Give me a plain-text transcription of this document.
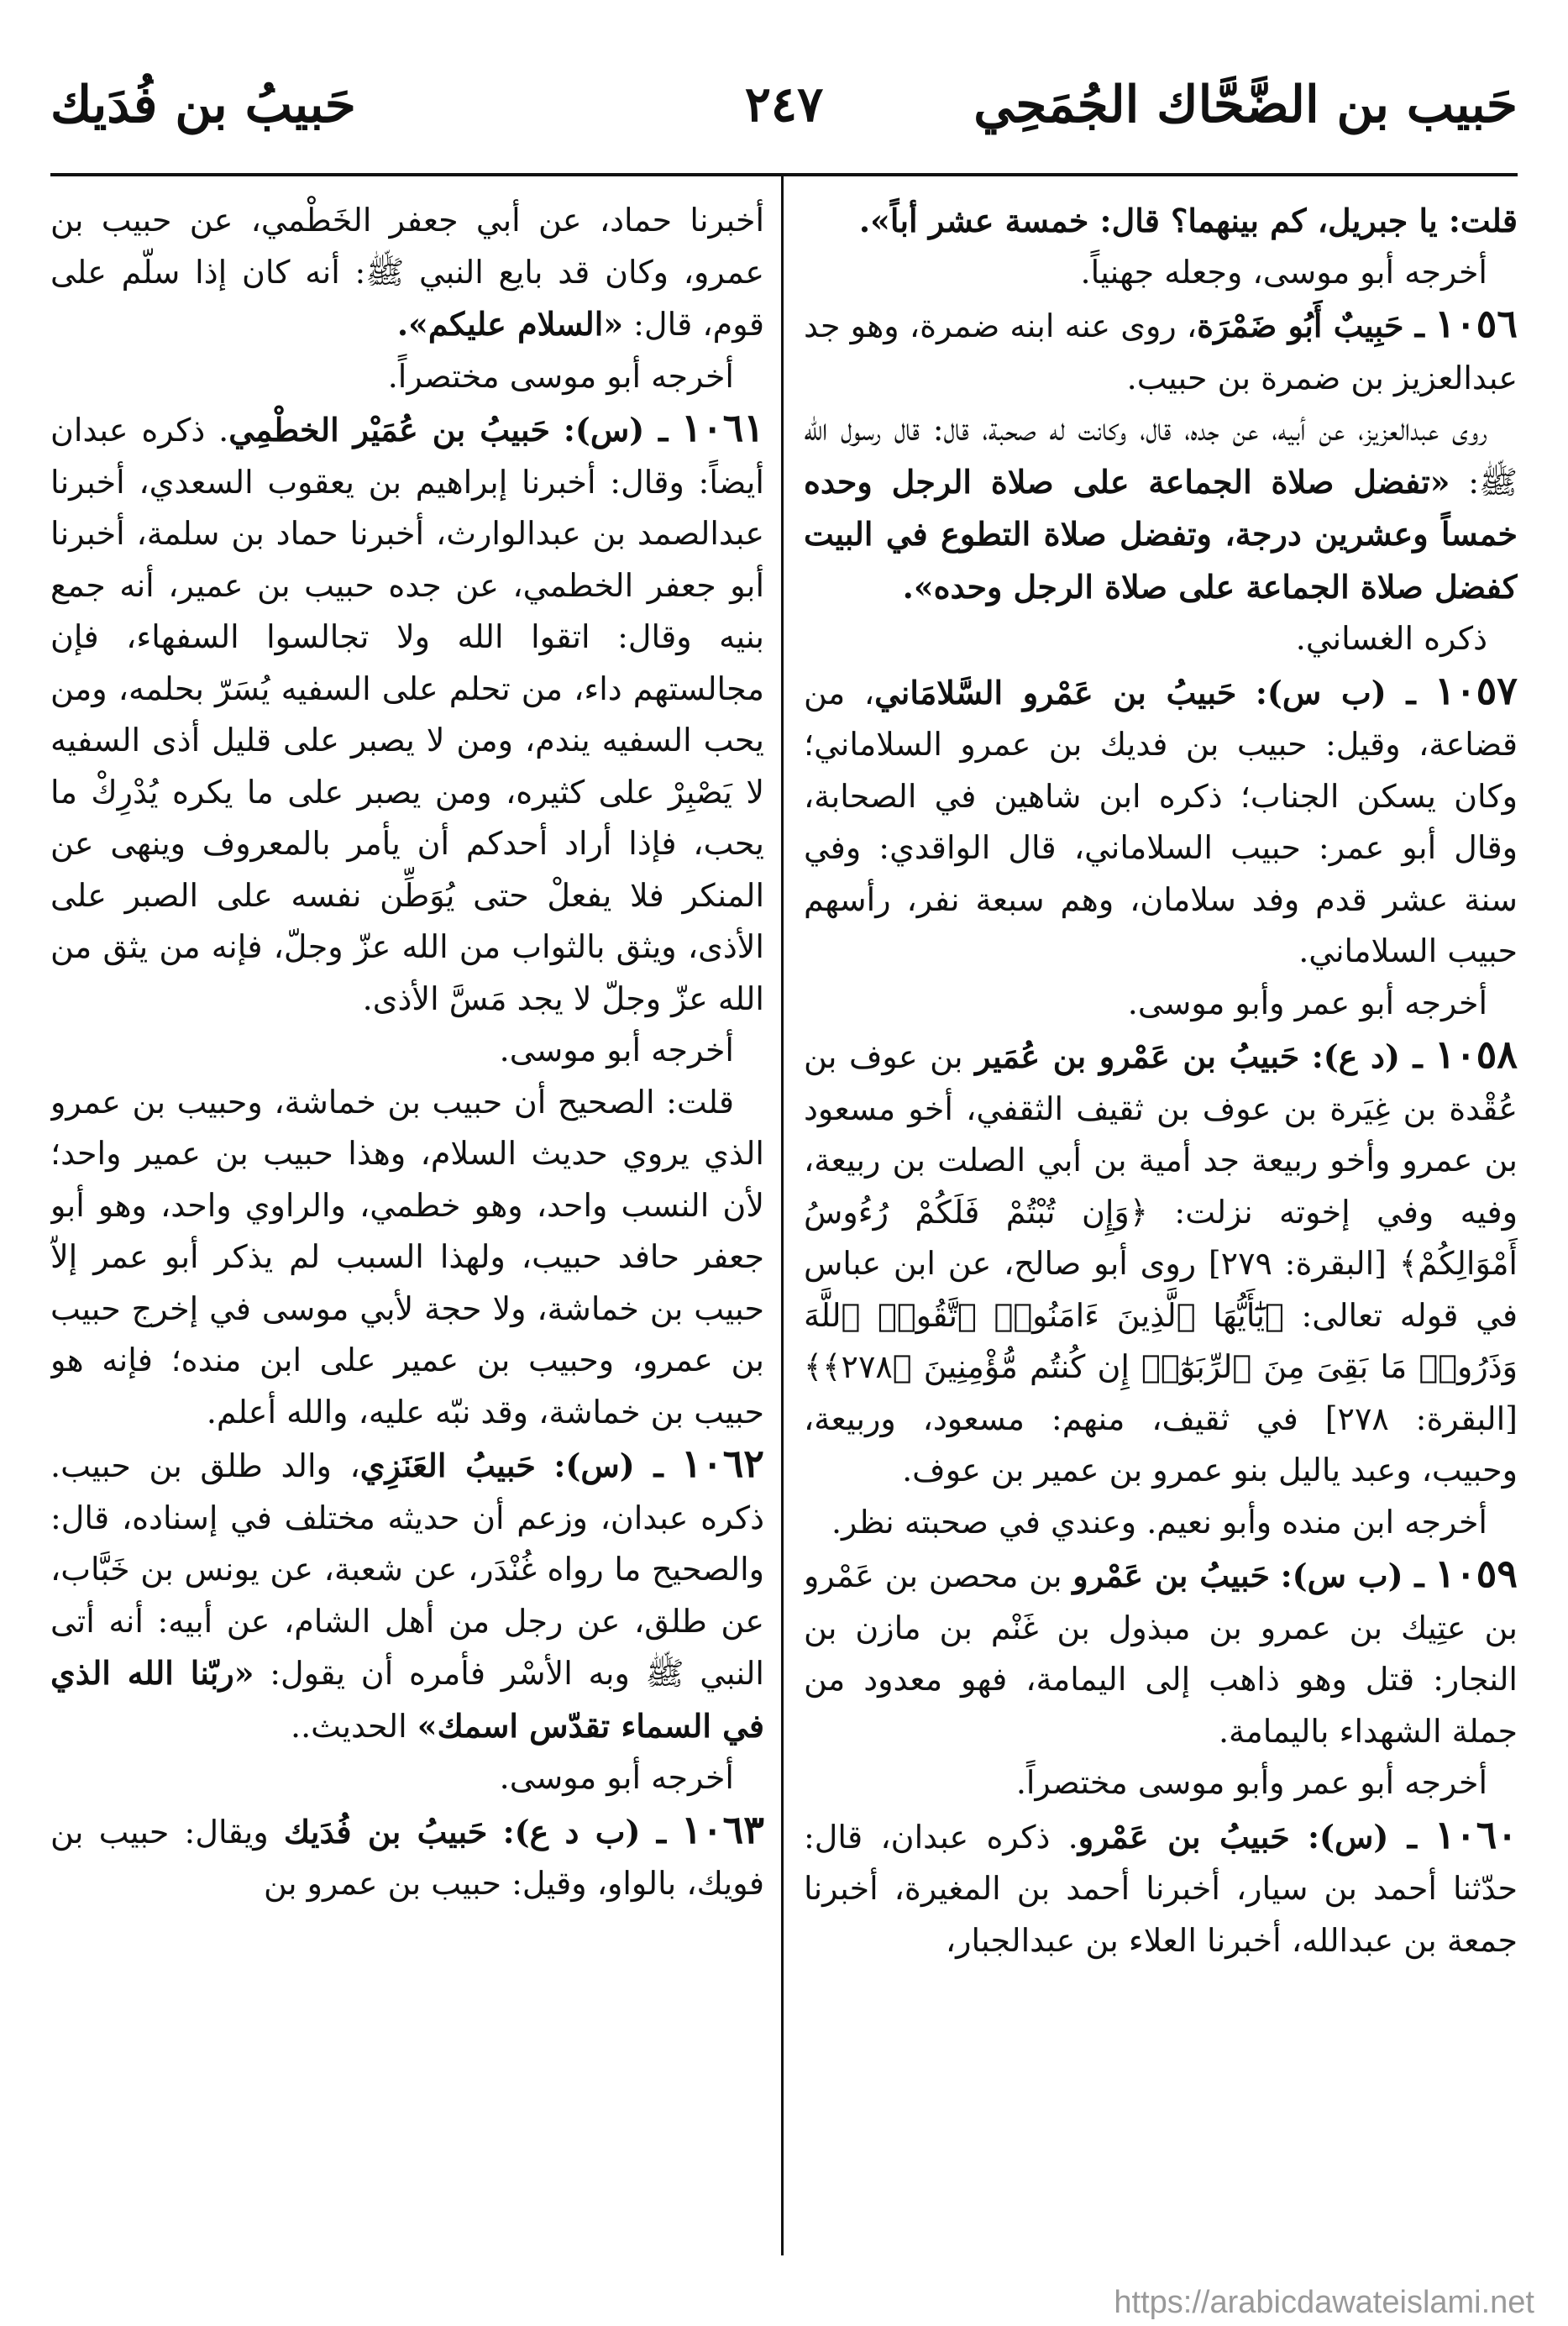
حَبيب بن الضَّحَّاك الجُمَحِي
٢٤٧
حَبيبُ بن فُدَيك

قلت: يا جبريل، كم بينهما؟ قال: خمسة عشر أباً».

أخرجه أبو موسى، وجعله جهنياً.

١٠٥٦ ـ حَبِيبٌ أَبُو ضَمْرَة، روى عنه ابنه ضمرة، وهو جد عبدالعزيز بن ضمرة بن حبيب.

روى عبدالعزيز، عن أبيه، عن جده، قال، وكانت له صحبة، قال: قال رسول الله ﷺ: «تفضل صلاة الجماعة على صلاة الرجل وحده خمساً وعشرين درجة، وتفضل صلاة التطوع في البيت كفضل صلاة الجماعة على صلاة الرجل وحده».

ذكره الغساني.

١٠٥٧ ـ (ب س): حَبيبُ بن عَمْرو السَّلامَاني، من قضاعة، وقيل: حبيب بن فديك بن عمرو السلاماني؛ وكان يسكن الجناب؛ ذكره ابن شاهين في الصحابة، وقال أبو عمر: حبيب السلاماني، قال الواقدي: وفي سنة عشر قدم وفد سلامان، وهم سبعة نفر، رأسهم حبيب السلاماني.

أخرجه أبو عمر وأبو موسى.

١٠٥٨ ـ (د ع): حَبيبُ بن عَمْرو بن عُمَير بن عوف بن عُقْدة بن غِيَرة بن عوف بن ثقيف الثقفي، أخو مسعود بن عمرو وأخو ربيعة جد أمية بن أبي الصلت بن ربيعة، وفيه وفي إخوته نزلت: ﴿وَإِن تُبْتُمْ فَلَكُمْ رُءُوسُ أَمْوَالِكُمْ﴾ [البقرة: ٢٧٩] روى أبو صالح، عن ابن عباس في قوله تعالى: ﴿يَٰٓأَيُّهَا ٱلَّذِينَ ءَامَنُوا۟ ٱتَّقُوا۟ ٱللَّهَ وَذَرُوا۟ مَا بَقِىَ مِنَ ٱلرِّبَوٰٓا۟ إِن كُنتُم مُّؤْمِنِينَ ﴿٢٧٨﴾﴾ [البقرة: ٢٧٨] في ثقيف، منهم: مسعود، وربيعة، وحبيب، وعبد ياليل بنو عمرو بن عمير بن عوف.

أخرجه ابن منده وأبو نعيم. وعندي في صحبته نظر.

١٠٥٩ ـ (ب س): حَبيبُ بن عَمْرو بن محصن بن عَمْرو بن عتِيك بن عمرو بن مبذول بن غَنْم بن مازن بن النجار: قتل وهو ذاهب إلى اليمامة، فهو معدود من جملة الشهداء باليمامة.

أخرجه أبو عمر وأبو موسى مختصراً.

١٠٦٠ ـ (س): حَبيبُ بن عَمْرو. ذكره عبدان، قال: حدّثنا أحمد بن سيار، أخبرنا أحمد بن المغيرة، أخبرنا جمعة بن عبدالله، أخبرنا العلاء بن عبدالجبار،

أخبرنا حماد، عن أبي جعفر الخَطْمي، عن حبيب بن عمرو، وكان قد بايع النبي ﷺ: أنه كان إذا سلّم على قوم، قال: «السلام عليكم».

أخرجه أبو موسى مختصراً.

١٠٦١ ـ (س): حَبيبُ بن عُمَيْر الخطْمِي. ذكره عبدان أيضاً: وقال: أخبرنا إبراهيم بن يعقوب السعدي، أخبرنا عبدالصمد بن عبدالوارث، أخبرنا حماد بن سلمة، أخبرنا أبو جعفر الخطمي، عن جده حبيب بن عمير، أنه جمع بنيه وقال: اتقوا الله ولا تجالسوا السفهاء، فإن مجالستهم داء، من تحلم على السفيه يُسَرّ بحلمه، ومن يحب السفيه يندم، ومن لا يصبر على قليل أذى السفيه لا يَصْبِرْ على كثيره، ومن يصبر على ما يكره يُدْرِكْ ما يحب، فإذا أراد أحدكم أن يأمر بالمعروف وينهى عن المنكر فلا يفعلْ حتى يُوَطِّن نفسه على الصبر على الأذى، ويثق بالثواب من الله عزّ وجلّ، فإنه من يثق من الله عزّ وجلّ لا يجد مَسَّ الأذى.

أخرجه أبو موسى.

قلت: الصحيح أن حبيب بن خماشة، وحبيب بن عمرو الذي يروي حديث السلام، وهذا حبيب بن عمير واحد؛ لأن النسب واحد، وهو خطمي، والراوي واحد، وهو أبو جعفر حافد حبيب، ولهذا السبب لم يذكر أبو عمر إلاّ حبيب بن خماشة، ولا حجة لأبي موسى في إخرج حبيب بن عمرو، وحبيب بن عمير على ابن منده؛ فإنه هو حبيب بن خماشة، وقد نبّه عليه، والله أعلم.

١٠٦٢ ـ (س): حَبيبُ العَنَزِي، والد طلق بن حبيب. ذكره عبدان، وزعم أن حديثه مختلف في إسناده، قال: والصحيح ما رواه غُنْدَر، عن شعبة، عن يونس بن خَبَّاب، عن طلق، عن رجل من أهل الشام، عن أبيه: أنه أتى النبي ﷺ وبه الأسْر فأمره أن يقول: «ربّنا الله الذي في السماء تقدّس اسمك» الحديث..

أخرجه أبو موسى.

١٠٦٣ ـ (ب د ع): حَبيبُ بن فُدَيك ويقال: حبيب بن فويك، بالواو، وقيل: حبيب بن عمرو بن

https://arabicdawateislami.net
